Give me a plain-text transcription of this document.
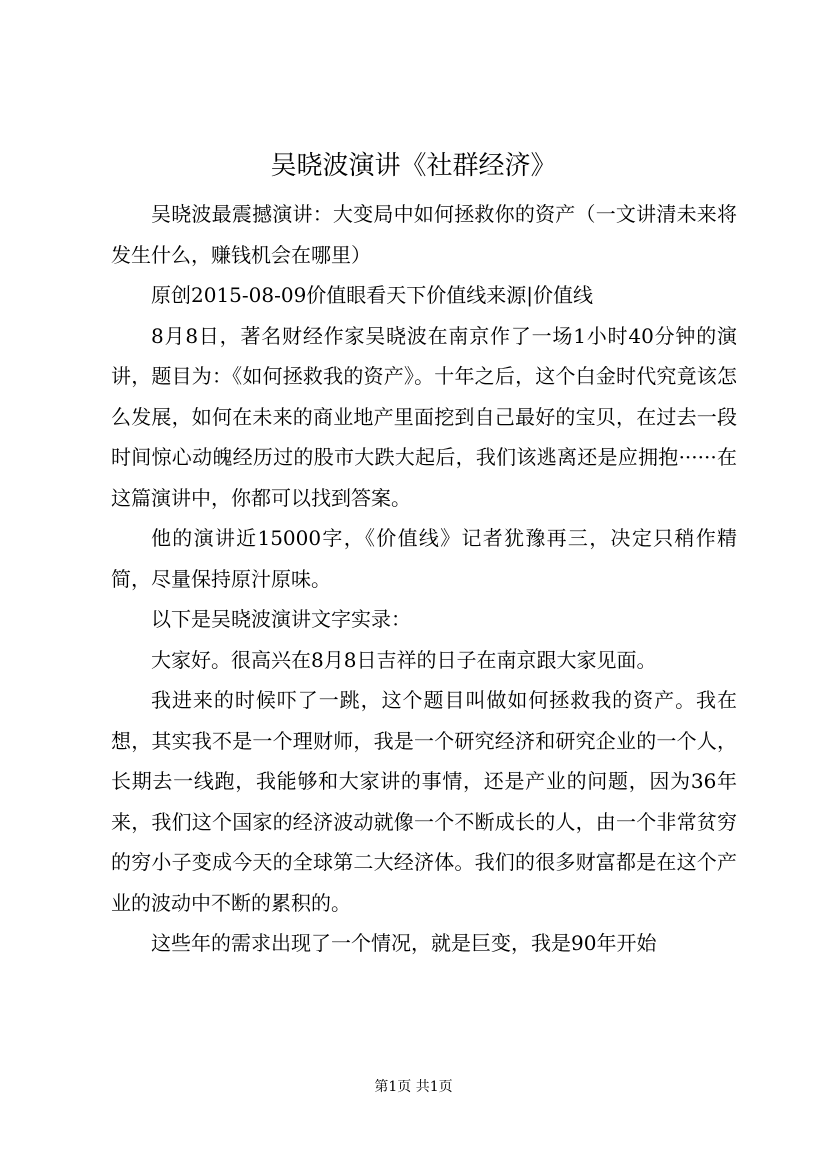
吴晓波演讲《社群经济》

吴晓波最震撼演讲：大变局中如何拯救你的资产（一文讲清未来将发生什么，赚钱机会在哪里）

原创2015-08-09价值眼看天下价值线来源|价值线

8月8日，著名财经作家吴晓波在南京作了一场1小时40分钟的演讲，题目为：《如何拯救我的资产》。十年之后，这个白金时代究竟该怎么发展，如何在未来的商业地产里面挖到自己最好的宝贝，在过去一段时间惊心动魄经历过的股市大跌大起后，我们该逃离还是应拥抱······在这篇演讲中，你都可以找到答案。

他的演讲近15000字，《价值线》记者犹豫再三，决定只稍作精简，尽量保持原汁原味。

以下是吴晓波演讲文字实录：

大家好。很高兴在8月8日吉祥的日子在南京跟大家见面。

我进来的时候吓了一跳，这个题目叫做如何拯救我的资产。我在想，其实我不是一个理财师，我是一个研究经济和研究企业的一个人，长期去一线跑，我能够和大家讲的事情，还是产业的问题，因为36年来，我们这个国家的经济波动就像一个不断成长的人，由一个非常贫穷的穷小子变成今天的全球第二大经济体。我们的很多财富都是在这个产业的波动中不断的累积的。

这些年的需求出现了一个情况，就是巨变，我是90年开始

第1页 共1页
